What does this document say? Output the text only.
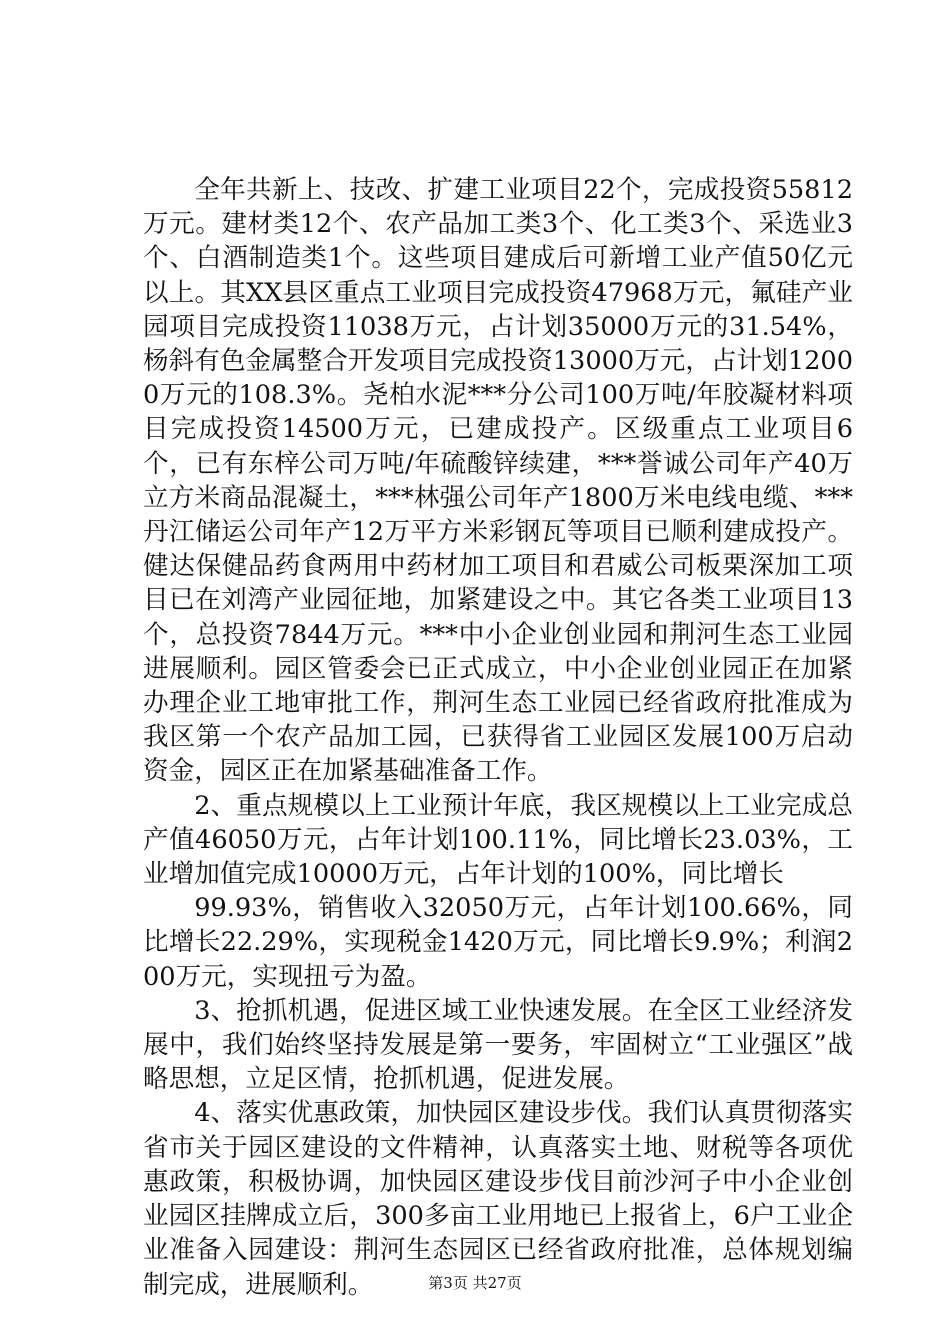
全年共新上、技改、扩建工业项目22个，完成投资55812万元。建材类12个、农产品加工类3个、化工类3个、采选业3个、白酒制造类1个。这些项目建成后可新增工业产值50亿元以上。其XX县区重点工业项目完成投资47968万元，氟硅产业园项目完成投资11038万元，占计划35000万元的31.54%，杨斜有色金属整合开发项目完成投资13000万元，占计划12000万元的108.3%。尧柏水泥***分公司100万吨/年胶凝材料项目完成投资14500万元，已建成投产。区级重点工业项目6个，已有东梓公司万吨/年硫酸锌续建，***誉诚公司年产40万立方米商品混凝土，***林强公司年产1800万米电线电缆、***丹江储运公司年产12万平方米彩钢瓦等项目已顺利建成投产。健达保健品药食两用中药材加工项目和君威公司板栗深加工项目已在刘湾产业园征地，加紧建设之中。其它各类工业项目13个，总投资7844万元。***中小企业创业园和荆河生态工业园进展顺利。园区管委会已正式成立，中小企业创业园正在加紧办理企业工地审批工作，荆河生态工业园已经省政府批准成为我区第一个农产品加工园，已获得省工业园区发展100万启动资金，园区正在加紧基础准备工作。

2、重点规模以上工业预计年底，我区规模以上工业完成总产值46050万元，占年计划100.11%，同比增长23.03%，工业增加值完成10000万元，占年计划的100%，同比增长

99.93%，销售收入32050万元，占年计划100.66%，同比增长22.29%，实现税金1420万元，同比增长9.9%；利润200万元，实现扭亏为盈。

3、抢抓机遇，促进区域工业快速发展。在全区工业经济发展中，我们始终坚持发展是第一要务，牢固树立“工业强区”战略思想，立足区情，抢抓机遇，促进发展。

4、落实优惠政策，加快园区建设步伐。我们认真贯彻落实省市关于园区建设的文件精神，认真落实土地、财税等各项优惠政策，积极协调，加快园区建设步伐目前沙河子中小企业创业园区挂牌成立后，300多亩工业用地已上报省上，6户工业企业准备入园建设：荆河生态园区已经省政府批准，总体规划编制完成，进展顺利。	第3页 共27页
